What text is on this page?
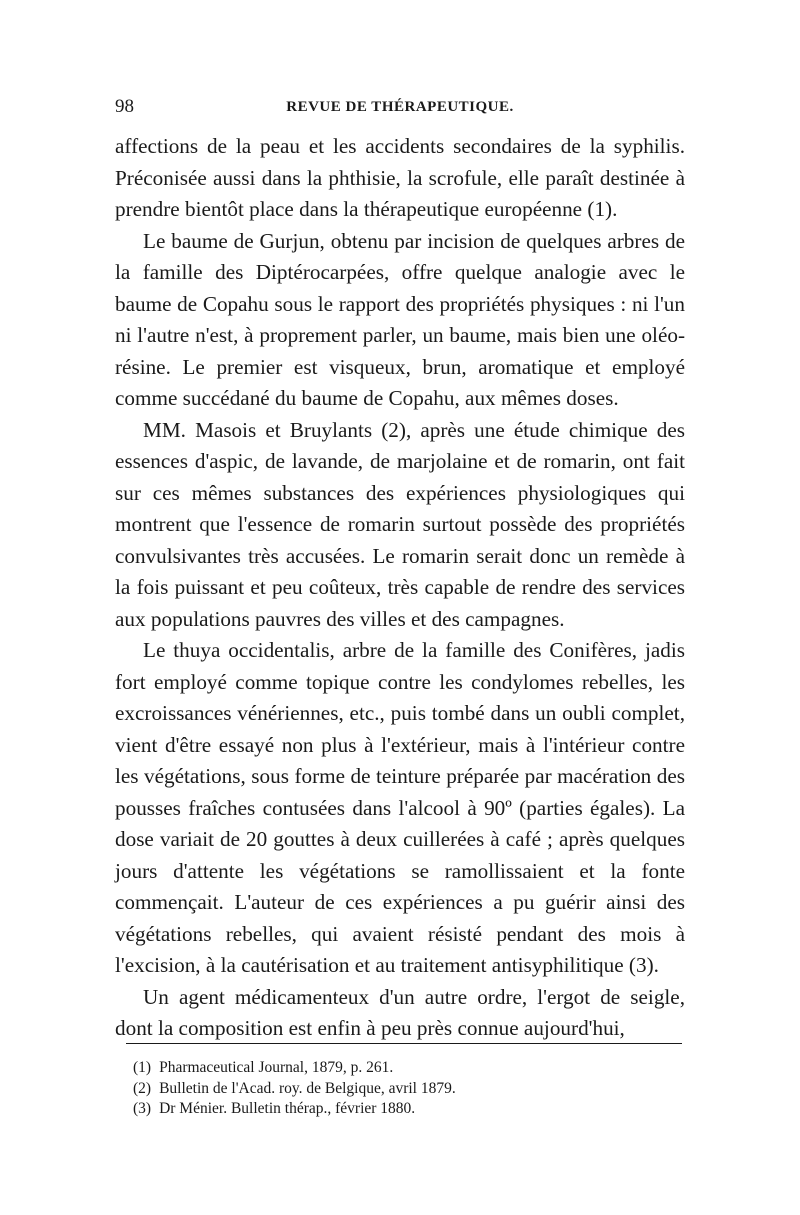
98	REVUE DE THÉRAPEUTIQUE.

affections de la peau et les accidents secondaires de la syphilis. Préconisée aussi dans la phthisie, la scrofule, elle paraît destinée à prendre bientôt place dans la thérapeutique européenne (1).

Le baume de Gurjun, obtenu par incision de quelques arbres de la famille des Diptérocarpées, offre quelque analogie avec le baume de Copahu sous le rapport des propriétés physiques : ni l'un ni l'autre n'est, à proprement parler, un baume, mais bien une oléo-résine. Le premier est visqueux, brun, aromatique et employé comme succédané du baume de Copahu, aux mêmes doses.

MM. Masois et Bruylants (2), après une étude chimique des essences d'aspic, de lavande, de marjolaine et de romarin, ont fait sur ces mêmes substances des expériences physiologiques qui montrent que l'essence de romarin surtout possède des propriétés convulsivantes très accusées. Le romarin serait donc un remède à la fois puissant et peu coûteux, très capable de rendre des services aux populations pauvres des villes et des campagnes.

Le thuya occidentalis, arbre de la famille des Conifères, jadis fort employé comme topique contre les condylomes rebelles, les excroissances vénériennes, etc., puis tombé dans un oubli complet, vient d'être essayé non plus à l'extérieur, mais à l'intérieur contre les végétations, sous forme de teinture préparée par macération des pousses fraîches contusées dans l'alcool à 90º (parties égales). La dose variait de 20 gouttes à deux cuillerées à café ; après quelques jours d'attente les végétations se ramollissaient et la fonte commençait. L'auteur de ces expériences a pu guérir ainsi des végétations rebelles, qui avaient résisté pendant des mois à l'excision, à la cautérisation et au traitement antisyphilitique (3).

Un agent médicamenteux d'un autre ordre, l'ergot de seigle, dont la composition est enfin à peu près connue aujourd'hui,

(1) Pharmaceutical Journal, 1879, p. 261.
(2) Bulletin de l'Acad. roy. de Belgique, avril 1879.
(3) Dr Ménier. Bulletin thérap., février 1880.
